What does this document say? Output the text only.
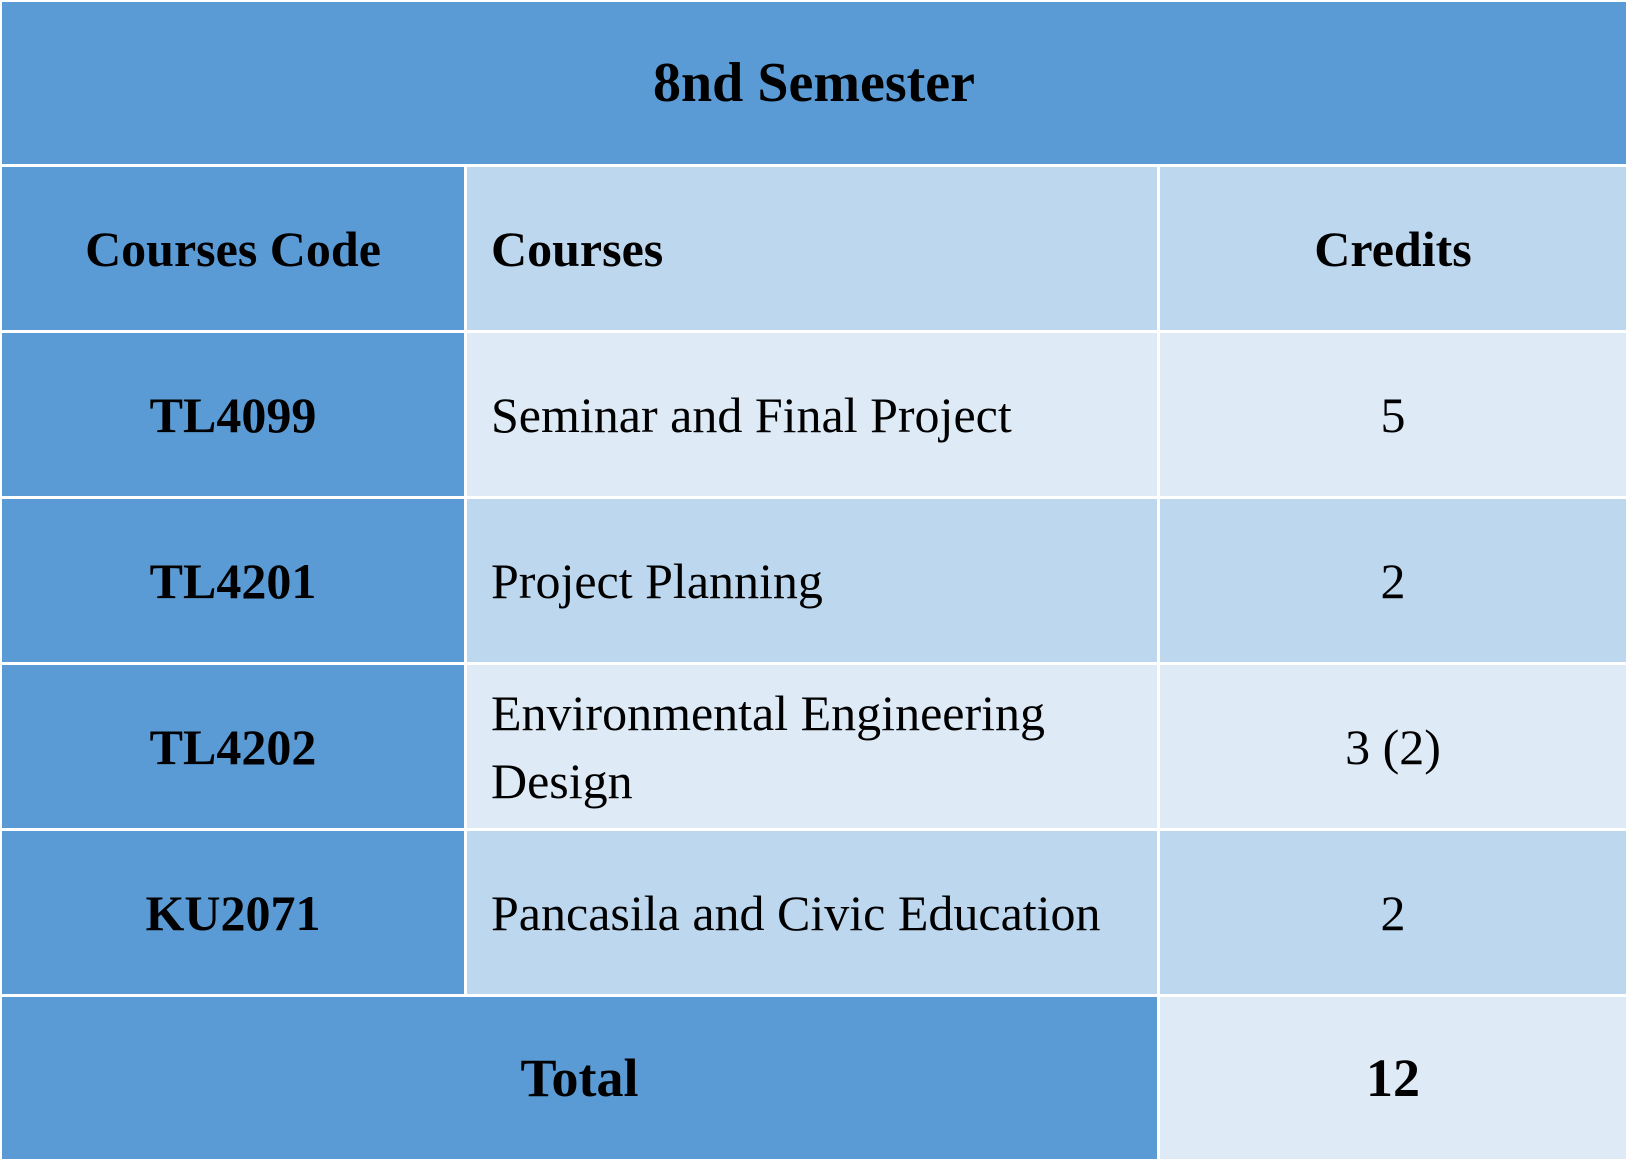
8nd Semester		
Courses Code	Courses	Credits
TL4099	Seminar and Final Project	5
TL4201	Project Planning	2
TL4202	Environmental Engineering Design	3 (2)
KU2071	Pancasila and Civic Education	2
Total		12
